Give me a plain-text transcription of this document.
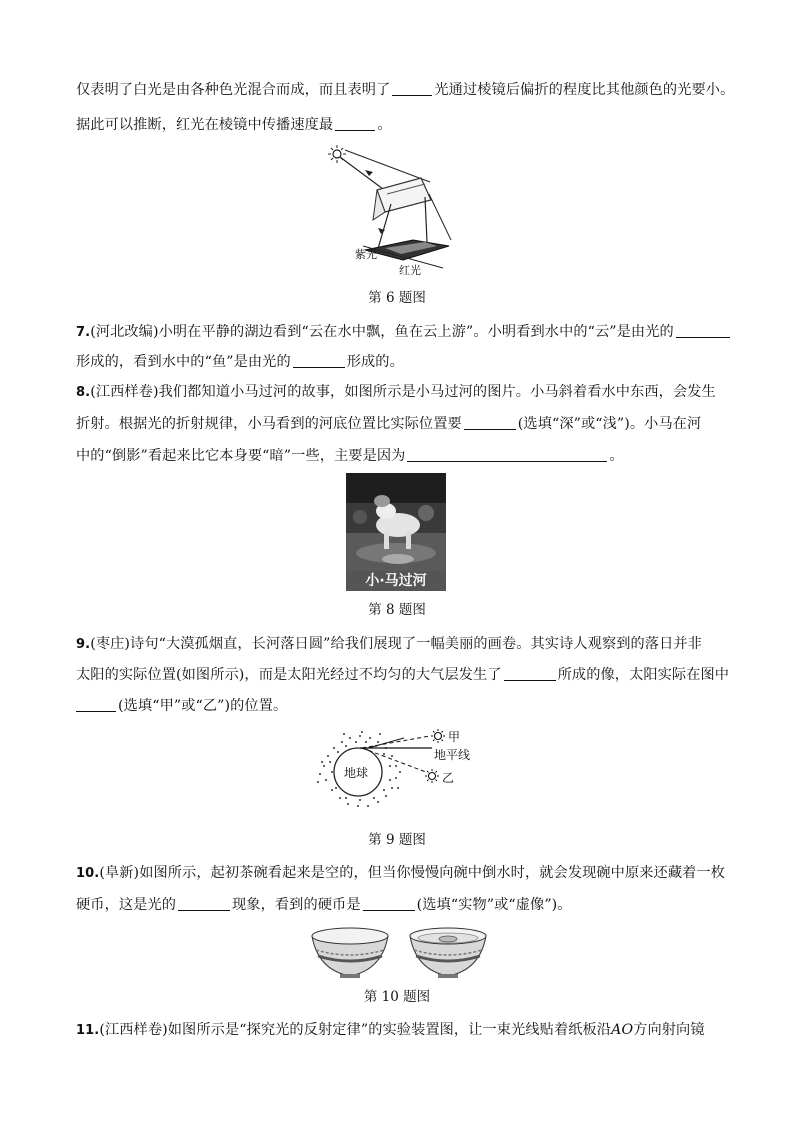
仅表明了白光是由各种色光混合而成，而且表明了	光通过棱镜后偏折的程度比其他颜色的光要小。
据此可以推断，红光在棱镜中传播速度最	。
紫光
红光
第 6 题图
7.(河北改编)小明在平静的湖边看到“云在水中飘，鱼在云上游”。小明看到水中的“云”是由光的
形成的，看到水中的“鱼”是由光的	形成的。
8.(江西样卷)我们都知道小马过河的故事，如图所示是小马过河的图片。小马斜着看水中东西，会发生
折射。根据光的折射规律，小马看到的河底位置比实际位置要	(选填“深”或“浅”)。小马在河
中的“倒影”看起来比它本身要“暗”一些，主要是因为	。
小·马过河
第 8 题图
9.(枣庄)诗句“大漠孤烟直，长河落日圆”给我们展现了一幅美丽的画卷。其实诗人观察到的落日并非
太阳的实际位置(如图所示)，而是太阳光经过不均匀的大气层发生了	所成的像，太阳实际在图中
(选填“甲”或“乙”)的位置。
地球
地平线
甲
乙
第 9 题图
10.(阜新)如图所示，起初茶碗看起来是空的，但当你慢慢向碗中倒水时，就会发现碗中原来还藏着一枚
硬币，这是光的	现象，看到的硬币是	(选填“实物”或“虚像”)。
第 10 题图
11.(江西样卷)如图所示是“探究光的反射定律”的实验装置图，让一束光线贴着纸板沿AO方向射向镜
